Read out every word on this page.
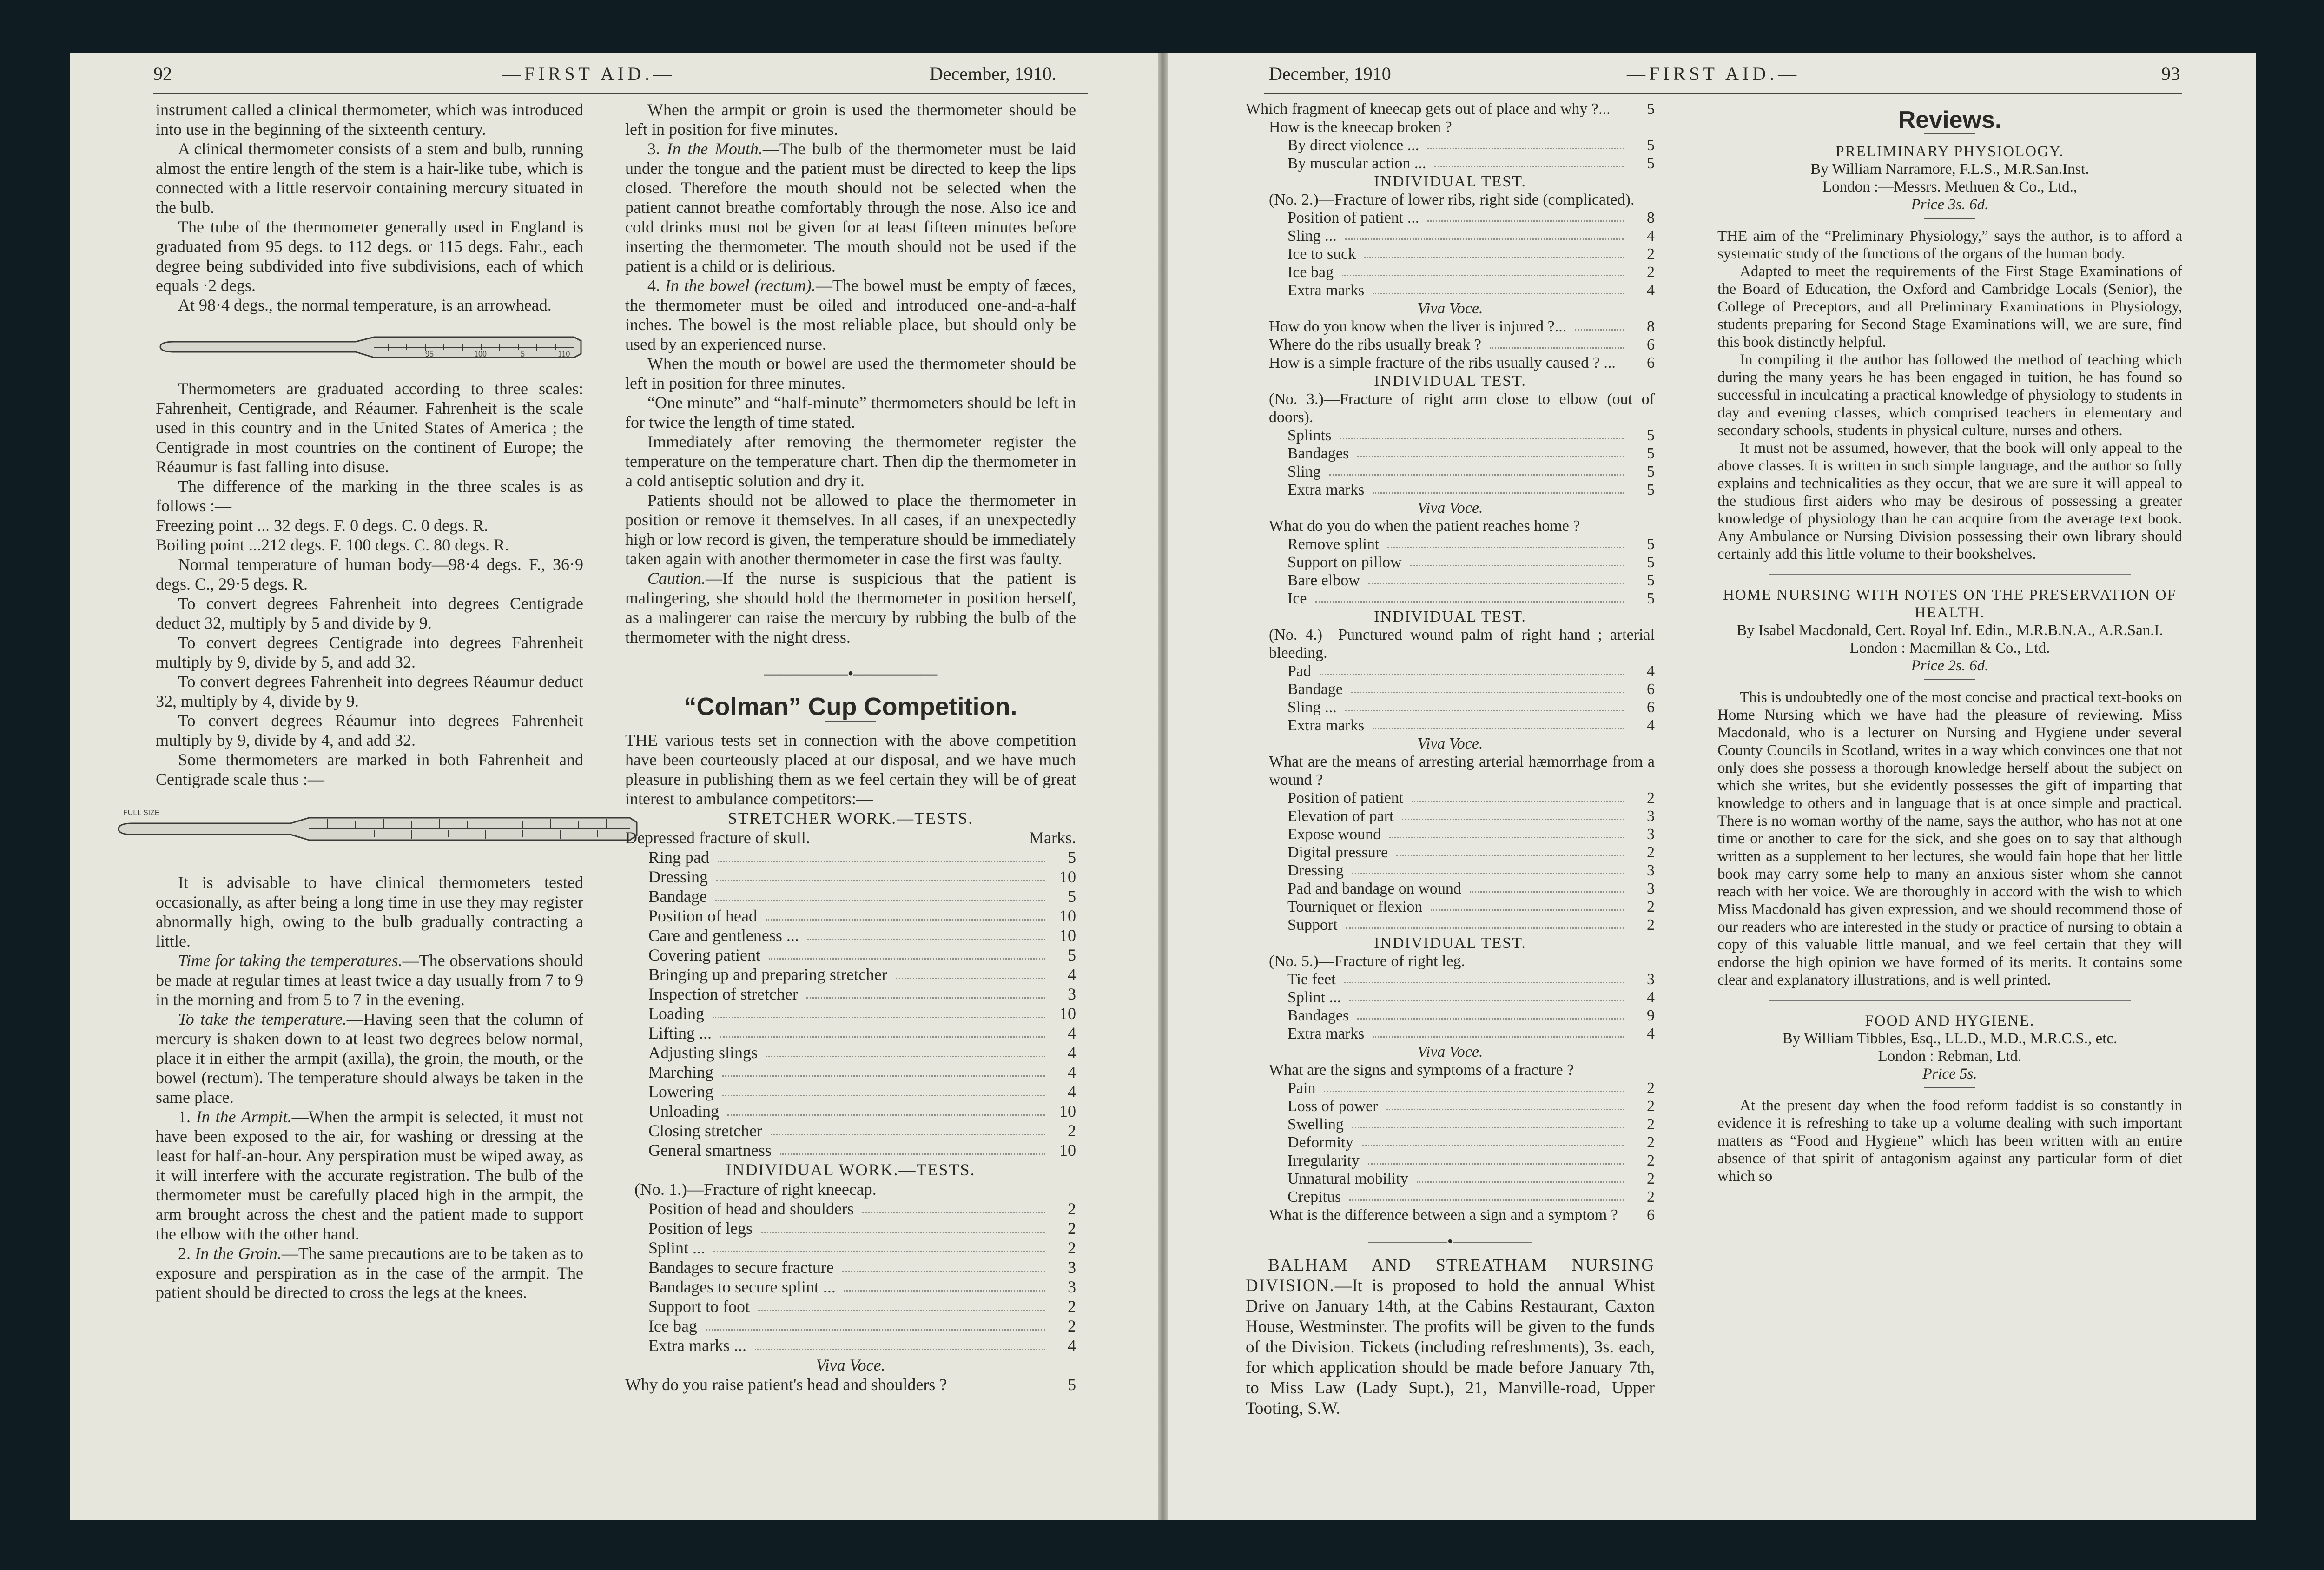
92	—FIRST AID.—	December, 1910.

instrument called a clinical thermometer, which was introduced into use in the beginning of the sixteenth century.

A clinical thermometer consists of a stem and bulb, running almost the entire length of the stem is a hair-like tube, which is connected with a little reservoir containing mercury situated in the bulb.

The tube of the thermometer generally used in England is graduated from 95 degs. to 112 degs. or 115 degs. Fahr., each degree being subdivided into five subdivisions, each of which equals ·2 degs.

At 98·4 degs., the normal temperature, is an arrowhead.

95	100	5	110

Thermometers are graduated according to three scales: Fahrenheit, Centigrade, and Réaumer. Fahrenheit is the scale used in this country and in the United States of America ; the Centigrade in most countries on the continent of Europe; the Réaumur is fast falling into disuse.

The difference of the marking in the three scales is as follows :—

Freezing point ... 32 degs. F. 0 degs. C. 0 degs. R.

Boiling point ...212 degs. F. 100 degs. C. 80 degs. R.

Normal temperature of human body—98·4 degs. F., 36·9 degs. C., 29·5 degs. R.

To convert degrees Fahrenheit into degrees Centigrade deduct 32, multiply by 5 and divide by 9.

To convert degrees Centigrade into degrees Fahrenheit multiply by 9, divide by 5, and add 32.

To convert degrees Fahrenheit into degrees Réaumur deduct 32, multiply by 4, divide by 9.

To convert degrees Réaumur into degrees Fahrenheit multiply by 9, divide by 4, and add 32.

Some thermometers are marked in both Fahrenheit and Centigrade scale thus :—

FULL SIZE

It is advisable to have clinical thermometers tested occasionally, as after being a long time in use they may register abnormally high, owing to the bulb gradually contracting a little.

Time for taking the temperatures.—The observations should be made at regular times at least twice a day usually from 7 to 9 in the morning and from 5 to 7 in the evening.

To take the temperature.—Having seen that the column of mercury is shaken down to at least two degrees below normal, place it in either the armpit (axilla), the groin, the mouth, or the bowel (rectum). The temperature should always be taken in the same place.

1. In the Armpit.—When the armpit is selected, it must not have been exposed to the air, for washing or dressing at the least for half-an-hour. Any perspiration must be wiped away, as it will interfere with the accurate registration. The bulb of the thermometer must be carefully placed high in the armpit, the arm brought across the chest and the patient made to support the elbow with the other hand.

2. In the Groin.—The same precautions are to be taken as to exposure and perspiration as in the case of the armpit. The patient should be directed to cross the legs at the knees.

When the armpit or groin is used the thermometer should be left in position for five minutes.

3. In the Mouth.—The bulb of the thermometer must be laid under the tongue and the patient must be directed to keep the lips closed. Therefore the mouth should not be selected when the patient cannot breathe comfortably through the nose. Also ice and cold drinks must not be given for at least fifteen minutes before inserting the thermometer. The mouth should not be used if the patient is a child or is delirious.

4. In the bowel (rectum).—The bowel must be empty of fæces, the thermometer must be oiled and introduced one-and-a-half inches. The bowel is the most reliable place, but should only be used by an experienced nurse.

When the mouth or bowel are used the thermometer should be left in position for three minutes.

“One minute” and “half-minute” thermometers should be left in for twice the length of time stated.

Immediately after removing the thermometer register the temperature on the temperature chart. Then dip the thermometer in a cold antiseptic solution and dry it.

Patients should not be allowed to place the thermometer in position or remove it themselves. In all cases, if an unexpectedly high or low record is given, the temperature should be immediately taken again with another thermometer in case the first was faulty.

Caution.—If the nurse is suspicious that the patient is malingering, she should hold the thermometer in position herself, as a malingerer can raise the mercury by rubbing the bulb of the thermometer with the night dress.

—————•—————
“Colman” Cup Competition.

THE various tests set in connection with the above competition have been courteously placed at our disposal, and we have much pleasure in publishing them as we feel certain they will be of great interest to ambulance competitors:—

STRETCHER WORK.—TESTS.

Depressed fracture of skull.	Marks.
Ring pad	5
Dressing	10
Bandage	5
Position of head	10
Care and gentleness ...	10
Covering patient	5
Bringing up and preparing stretcher	4
Inspection of stretcher	3
Loading	10
Lifting ...	4
Adjusting slings	4
Marching	4
Lowering	4
Unloading	10
Closing stretcher	2
General smartness	10

INDIVIDUAL WORK.—TESTS.

(No. 1.)—Fracture of right kneecap.

Position of head and shoulders	2
Position of legs	2
Splint ...	2
Bandages to secure fracture	3
Bandages to secure splint ...	3
Support to foot	2
Ice bag	2
Extra marks ...	4

Viva Voce.

Why do you raise patient's head and shoulders ?	5
December, 1910	—FIRST AID.—	93
Which fragment of kneecap gets out of place and why ?...	5

How is the kneecap broken ?

By direct violence ...	5
By muscular action ...	5

INDIVIDUAL TEST.

(No. 2.)—Fracture of lower ribs, right side (complicated).

Position of patient ...	8
Sling ...	4
Ice to suck	2
Ice bag	2
Extra marks	4

Viva Voce.

How do you know when the liver is injured ?...	8
Where do the ribs usually break ?	6
How is a simple fracture of the ribs usually caused ? ...	6

INDIVIDUAL TEST.

(No. 3.)—Fracture of right arm close to elbow (out of doors).

Splints	5
Bandages	5
Sling	5
Extra marks	5

Viva Voce.

What do you do when the patient reaches home ?

Remove splint	5
Support on pillow	5
Bare elbow	5
Ice	5

INDIVIDUAL TEST.

(No. 4.)—Punctured wound palm of right hand ; arterial bleeding.

Pad	4
Bandage	6
Sling ...	6
Extra marks	4

Viva Voce.

What are the means of arresting arterial hæmorrhage from a wound ?

Position of patient	2
Elevation of part	3
Expose wound	3
Digital pressure	2
Dressing	3
Pad and bandage on wound	3
Tourniquet or flexion	2
Support	2

INDIVIDUAL TEST.

(No. 5.)—Fracture of right leg.

Tie feet	3
Splint ...	4
Bandages	9
Extra marks	4

Viva Voce.

What are the signs and symptoms of a fracture ?

Pain	2
Loss of power	2
Swelling	2
Deformity	2
Irregularity	2
Unnatural mobility	2
Crepitus	2
What is the difference between a sign and a symptom ?	6
—————•—————

BALHAM AND STREATHAM NURSING DIVISION.—It is proposed to hold the annual Whist Drive on January 14th, at the Cabins Restaurant, Caxton House, Westminster. The profits will be given to the funds of the Division. Tickets (including refreshments), 3s. each, for which application should be made before January 7th, to Miss Law (Lady Supt.), 21, Manville-road, Upper Tooting, S.W.

Reviews.

PRELIMINARY PHYSIOLOGY.

By William Narramore, F.L.S., M.R.San.Inst.

London :—Messrs. Methuen & Co., Ltd.,

Price 3s. 6d.

THE aim of the “Preliminary Physiology,” says the author, is to afford a systematic study of the functions of the organs of the human body.

Adapted to meet the requirements of the First Stage Examinations of the Board of Education, the Oxford and Cambridge Locals (Senior), the College of Preceptors, and all Preliminary Examinations in Physiology, students preparing for Second Stage Examinations will, we are sure, find this book distinctly helpful.

In compiling it the author has followed the method of teaching which during the many years he has been engaged in tuition, he has found so successful in inculcating a practical knowledge of physiology to students in day and evening classes, which comprised teachers in elementary and secondary schools, students in physical culture, nurses and others.

It must not be assumed, however, that the book will only appeal to the above classes. It is written in such simple language, and the author so fully explains and technicalities as they occur, that we are sure it will appeal to the studious first aiders who may be desirous of possessing a greater knowledge of physiology than he can acquire from the average text book. Any Ambulance or Nursing Division possessing their own library should certainly add this little volume to their bookshelves.

HOME NURSING WITH NOTES ON THE PRESERVATION OF HEALTH.

By Isabel Macdonald, Cert. Royal Inf. Edin., M.R.B.N.A., A.R.San.I.

London : Macmillan & Co., Ltd.

Price 2s. 6d.

This is undoubtedly one of the most concise and practical text-books on Home Nursing which we have had the pleasure of reviewing. Miss Macdonald, who is a lecturer on Nursing and Hygiene under several County Councils in Scotland, writes in a way which convinces one that not only does she possess a thorough knowledge herself about the subject on which she writes, but she evidently possesses the gift of imparting that knowledge to others and in language that is at once simple and practical. There is no woman worthy of the name, says the author, who has not at one time or another to care for the sick, and she goes on to say that although written as a supplement to her lectures, she would fain hope that her little book may carry some help to many an anxious sister whom she cannot reach with her voice. We are thoroughly in accord with the wish to which Miss Macdonald has given expression, and we should recommend those of our readers who are interested in the study or practice of nursing to obtain a copy of this valuable little manual, and we feel certain that they will endorse the high opinion we have formed of its merits. It contains some clear and explanatory illustrations, and is well printed.

FOOD AND HYGIENE.

By William Tibbles, Esq., LL.D., M.D., M.R.C.S., etc.

London : Rebman, Ltd.

Price 5s.

At the present day when the food reform faddist is so constantly in evidence it is refreshing to take up a volume dealing with such important matters as “Food and Hygiene” which has been written with an entire absence of that spirit of antagonism against any particular form of diet which so
